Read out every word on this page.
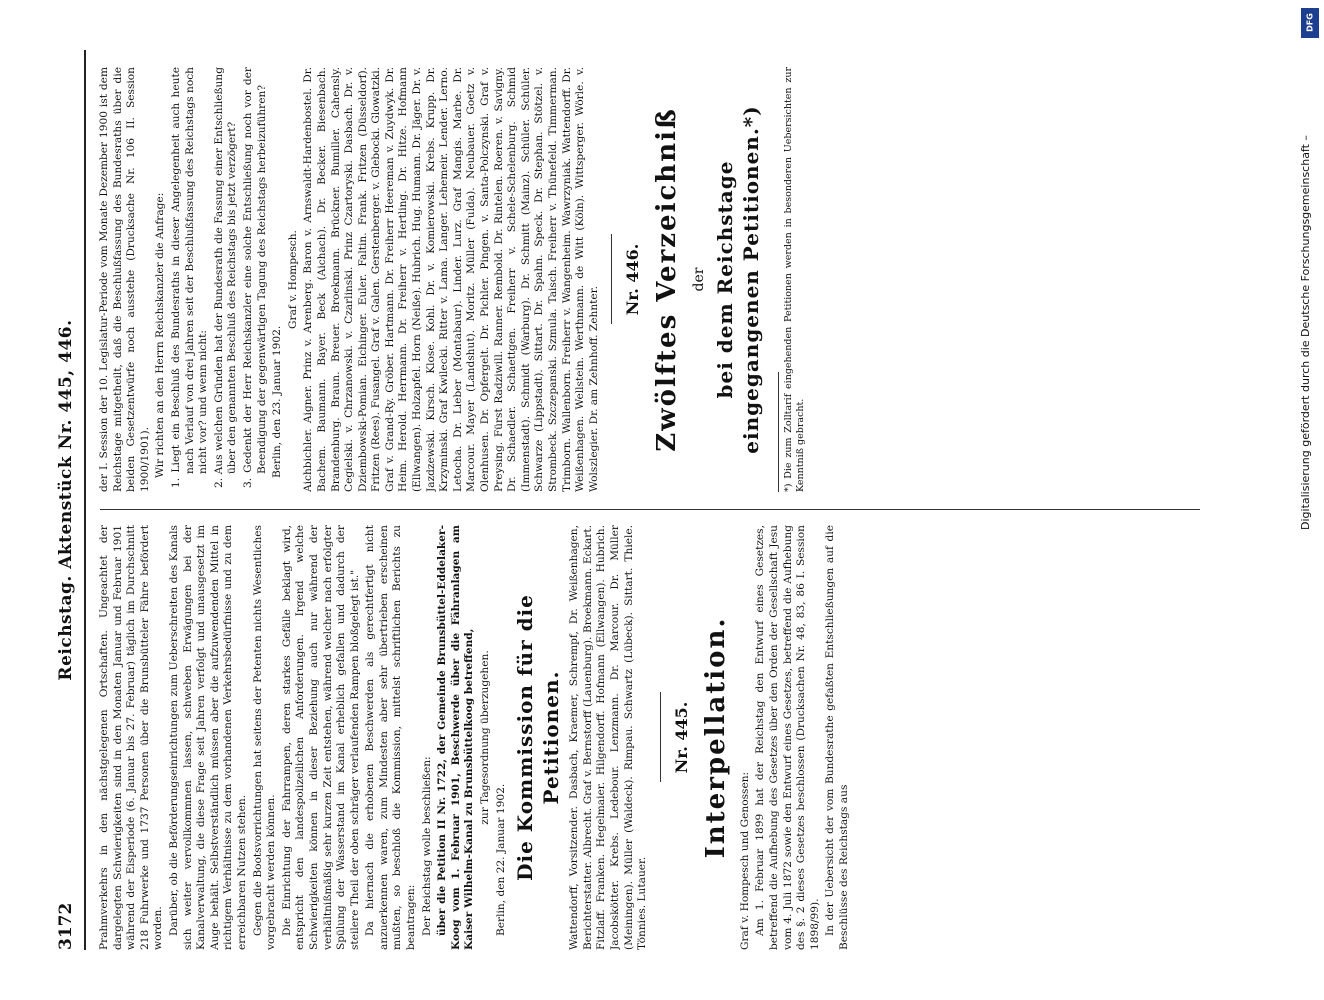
3172
Reichstag. Aktenstück Nr. 445, 446.

Prahmverkehrs in den nächstgelegenen Ortschaften. Ungeachtet der dargelegten Schwierigkeiten sind in den Monaten Januar und Februar 1901 während der Eisperiode (6. Januar bis 27. Februar) täglich im Durchschnitt 218 Fuhrwerke und 1737 Personen über die Brunsbütteler Fähre befördert worden. Darüber, ob die Beförderungseinrichtungen zum Ueberschreiten des Kanals sich weiter vervollkommnen lassen, schweben Erwägungen bei der Kanalverwaltung, die diese Frage seit Jahren verfolgt und unausgesetzt im Auge behält. Selbstverständlich müssen aber die aufzuwendenden Mittel in richtigem Verhältnisse zu dem vorhandenen Verkehrsbedürfnisse und zu dem erreichbaren Nutzen stehen. Gegen die Bootsvorrichtungen hat seitens der Petenten nichts Wesentliches vorgebracht werden können. Die Einrichtung der Fahrrampen, deren starkes Gefälle beklagt wird, entspricht den landespolizeilichen Anforderungen. Irgend welche Schwierigkeiten können in dieser Beziehung auch nur während der verhältnißmäßig sehr kurzen Zeit entstehen, während welcher nach erfolgter Spülung der Wasserstand im Kanal erheblich gefallen und dadurch der steilere Theil der oben schräger verlaufenden Rampen bloßgelegt ist." Da hiernach die erhobenen Beschwerden als gerechtfertigt nicht anzuerkennen waren, zum Mindesten aber sehr übertrieben erscheinen mußten, so beschloß die Kommission, mittelst schriftlichen Berichts zu beantragen: Der Reichstag wolle beschließen: über die Petition II Nr. 1722, der Gemeinde Brunsbüttel-Eddelaker-Koog vom 1. Februar 1901, Beschwerde über die Fähranlagen am Kaiser Wilhelm-Kanal zu Brunsbüttelkoog betreffend, zur Tagesordnung überzugehen.

Berlin, den 22. Januar 1902. Die Kommission für die Petitionen. Wattendorff, Vorsitzender. Dasbach, Kraemer, Schrempf, Dr. Weißenhagen, Berichterstatter. Albrecht. Graf v. Bernstorff (Lauenburg). Broekmann. Eckart. Fitzlaff. Franken. Hegelmaier. Hilgendorff. Hofmann (Ellwangen). Hubrich. Jacobskötter. Krebs. Ledebour. Lenzmann. Dr. Marcour. Dr. Müller (Meiningen). Müller (Waldeck). Rimpau. Schwartz (Lübeck). Sittart. Thiele. Tönnies. Lutauer.

Nr. 445. Interpellation.

Graf v. Hompesch und Genossen: Am 1. Februar 1899 hat der Reichstag den Entwurf eines Gesetzes, betreffend die Aufhebung des Gesetzes über den Orden der Gesellschaft Jesu vom 4. Juli 1872 sowie den Entwurf eines Gesetzes, betreffend die Aufhebung des §. 2 dieses Gesetzes beschlossen (Drucksachen Nr. 48, 83, 86 I. Session 1898/99). In der Uebersicht der vom Bundesrathe gefaßten Entschließungen auf die Beschlüsse des Reichstags aus

der I. Session der 10. Legislatur-Periode vom Monate Dezember 1900 ist dem Reichstage mitgetheilt, daß die Beschlußfassung des Bundesraths über die beiden Gesetzentwürfe noch ausstehe (Drucksache Nr. 106 II. Session 1900/1901). Wir richten an den Herrn Reichskanzler die Anfrage: 1. Liegt ein Beschluß des Bundesraths in dieser Angelegenheit auch heute nach Verlauf von drei Jahren seit der Beschlußfassung des Reichstags noch nicht vor? und wenn nicht: 2. Aus welchen Gründen hat der Bundesrath die Fassung einer Entschließung über den genannten Beschluß des Reichstags bis jetzt verzögert? 3. Gedenkt der Herr Reichskanzler eine solche Entschließung noch vor der Beendigung der gegenwärtigen Tagung des Reichstags herbeizuführen? Berlin, den 23. Januar 1902.

Graf v. Hompesch. Aichbichler. Aigner. Prinz v. Arenberg. Baron v. Arnswaldt-Hardenbostel. Dr. Bachem. Baumann. Bayer. Beck (Aichach). Dr. Becker. Biesenbach. Brandenburg. Braun. Breuer. Broekmann. Brückner. Bumiller. Cahensly. Cegielski. v. Chrzanowski. v. Czarlinski. Prinz Czartoryski. Dasbach. Dr. v. Dziembowski-Pomian. Eichinger. Euler. Faltin. Frank. Fritzen (Düsseldorf). Fritzen (Rees). Fusangel. Graf v. Galen. Gerstenberger. v. Glebocki. Glowatzki. Graf v. Grand-Ry. Gröber. Hartmann. Dr. Freiherr Heereman v. Zuydwyk. Dr. Heim. Herold. Herrmann. Dr. Freiherr v. Hertling. Dr. Hitze. Hofmann (Ellwangen). Holzapfel. Horn (Neiße). Hubrich. Hug. Humann. Dr. Jäger. Dr. v. Jazdzewski. Kirsch. Klose. Kohl. Dr. v. Komierowski. Krebs. Krupp. Dr. Krzyminski. Graf Kwilecki. Ritter v. Lama. Langer. Lehemeir. Lender. Lerno. Letocha. Dr. Lieber (Montabaur). Linder. Lurz. Graf Mangis. Marbe. Dr. Marcour. Mayer (Landshut). Moritz. Müller (Fulda). Neubauer. Goetz v. Olenhusen. Dr. Opfergelt. Dr. Pichler. Pingen. v. Santa-Polczynski. Graf v. Preysing. Fürst Radziwill. Ranner. Rembold. Dr. Rintelen. Roeren. v. Savigny. Dr. Schaedler. Schaettgen. Freiherr v. Schele-Schelenburg. Schmid (Immenstadt). Schmidt (Warburg). Dr. Schmitt (Mainz). Schüler. Schüler. Schwarze (Lippstadt). Sittart. Dr. Spahn. Speck. Dr. Stephan. Stötzel. v. Strombeck. Szczepanski. Szmula. Taisch. Freiherr v. Thünefeld. Timmerman. Trimborn. Wallenborn. Freiherr v. Wangenheim. Wawrzyniak. Wattendorff. Dr. Weißenhagen. Wellstein. Werthmann. de Witt (Köln). Wittsperger. Wörle. v. Wolszlegier. Dr. am Zehnhoff. Zehnter.

Nr. 446. Zwölftes Verzeichniß der bei dem Reichstage eingegangenen Petitionen.*) *) Die zum Zolltarif eingehenden Petitionen werden in besonderen Uebersichten zur Kenntniß gebracht.	Digitalisierung gefördert durch die Deutsche Forschungsgemeinschaft –
DFG
